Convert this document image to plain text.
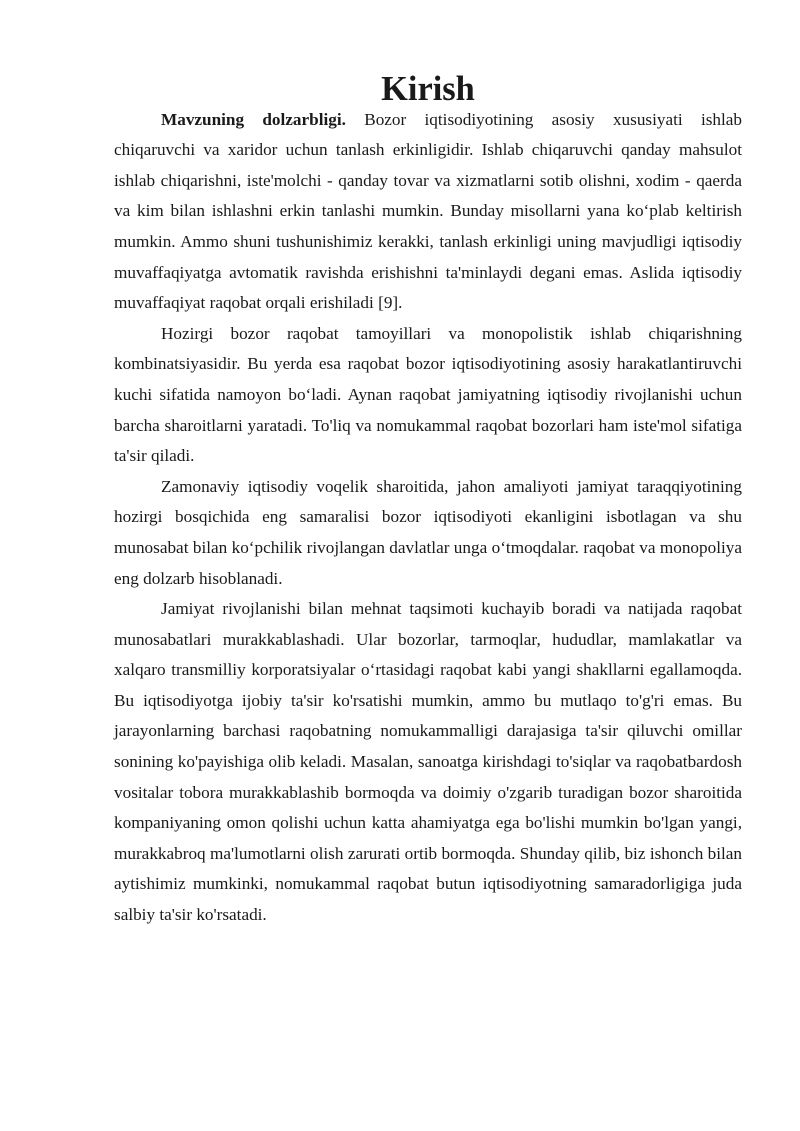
Kirish

Mavzuning dolzarbligi. Bozor iqtisodiyotining asosiy xususiyati ishlab chiqaruvchi va xaridor uchun tanlash erkinligidir. Ishlab chiqaruvchi qanday mahsulot ishlab chiqarishni, iste'molchi - qanday tovar va xizmatlarni sotib olishni, xodim - qaerda va kim bilan ishlashni erkin tanlashi mumkin. Bunday misollarni yana ko‘plab keltirish mumkin. Ammo shuni tushunishimiz kerakki, tanlash erkinligi uning mavjudligi iqtisodiy muvaffaqiyatga avtomatik ravishda erishishni ta'minlaydi degani emas. Aslida iqtisodiy muvaffaqiyat raqobat orqali erishiladi [9].

Hozirgi bozor raqobat tamoyillari va monopolistik ishlab chiqarishning kombinatsiyasidir. Bu yerda esa raqobat bozor iqtisodiyotining asosiy harakatlantiruvchi kuchi sifatida namoyon bo‘ladi. Aynan raqobat jamiyatning iqtisodiy rivojlanishi uchun barcha sharoitlarni yaratadi. To'liq va nomukammal raqobat bozorlari ham iste'mol sifatiga ta'sir qiladi.

Zamonaviy iqtisodiy voqelik sharoitida, jahon amaliyoti jamiyat taraqqiyotining hozirgi bosqichida eng samaralisi bozor iqtisodiyoti ekanligini isbotlagan va shu munosabat bilan ko‘pchilik rivojlangan davlatlar unga o‘tmoqdalar. raqobat va monopoliya eng dolzarb hisoblanadi.

Jamiyat rivojlanishi bilan mehnat taqsimoti kuchayib boradi va natijada raqobat munosabatlari murakkablashadi. Ular bozorlar, tarmoqlar, hududlar, mamlakatlar va xalqaro transmilliy korporatsiyalar o‘rtasidagi raqobat kabi yangi shakllarni egallamoqda. Bu iqtisodiyotga ijobiy ta'sir ko'rsatishi mumkin, ammo bu mutlaqo to'g'ri emas. Bu jarayonlarning barchasi raqobatning nomukammalligi darajasiga ta'sir qiluvchi omillar sonining ko'payishiga olib keladi. Masalan, sanoatga kirishdagi to'siqlar va raqobatbardosh vositalar tobora murakkablashib bormoqda va doimiy o'zgarib turadigan bozor sharoitida kompaniyaning omon qolishi uchun katta ahamiyatga ega bo'lishi mumkin bo'lgan yangi, murakkabroq ma'lumotlarni olish zarurati ortib bormoqda. Shunday qilib, biz ishonch bilan aytishimiz mumkinki, nomukammal raqobat butun iqtisodiyotning samaradorligiga juda salbiy ta'sir ko'rsatadi.
